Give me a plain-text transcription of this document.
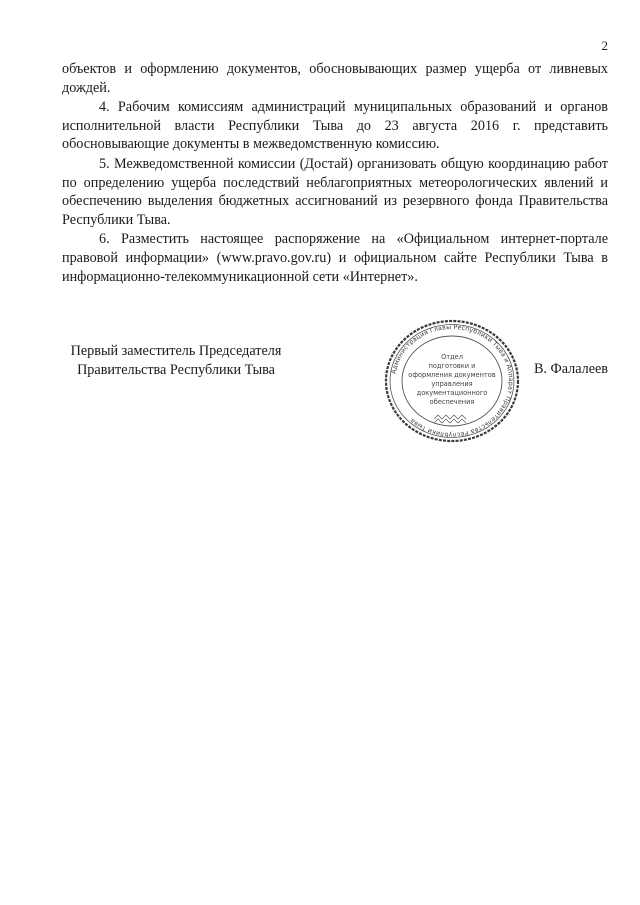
2

объектов и оформлению документов, обосновывающих размер ущерба от ливневых дождей.

4. Рабочим комиссиям администраций муниципальных образований и органов исполнительной власти Республики Тыва до 23 августа 2016 г. представить обосновывающие документы в межведомственную комиссию.

5. Межведомственной комиссии (Достай) организовать общую координацию работ по определению ущерба последствий неблагоприятных метеорологических явлений и обеспечению выделения бюджетных ассигнований из резервного фонда Правительства Республики Тыва.

6. Разместить настоящее распоряжение на «Официальном интернет-портале правовой информации» (www.pravo.gov.ru) и официальном сайте Республики Тыва в информационно-телекоммуникационной сети «Интернет».

Первый заместитель Председателя
Правительства Республики Тыва	Администрация Главы Республики Тыва и Аппарат Правительства Республики Тыва
Отдел
подготовки и
оформления документов
управления
документационного
обеспечения
В. Фалалеев
